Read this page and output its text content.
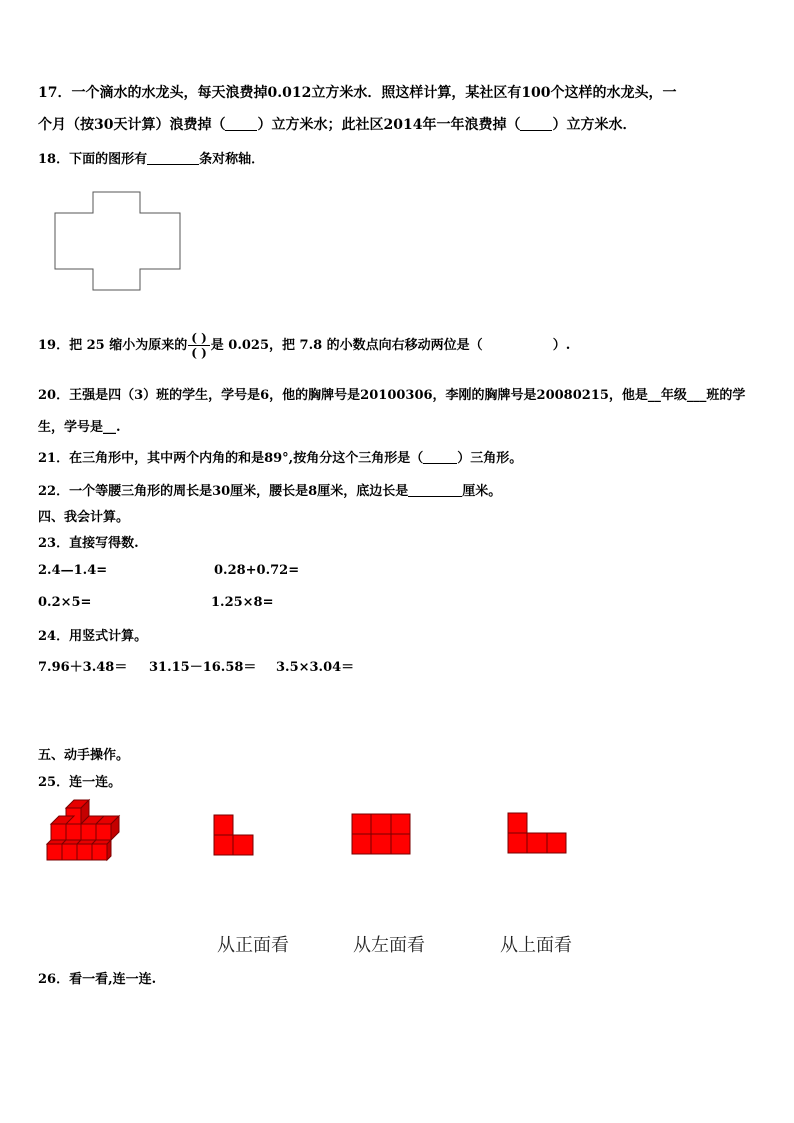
17．一个滴水的水龙头，每天浪费掉0.012立方米水．照这样计算，某社区有100个这样的水龙头，一
个月（按30天计算）浪费掉（ ）立方米水；此社区2014年一年浪费掉（ ）立方米水．
18．下面的图形有	条对称轴．
19．把 25 缩小为原来的 $\frac{( )}{( )}$ 是 0.025，把 7.8 的小数点向右移动两位是（	）.
20．王强是四（3）班的学生，学号是6，他的胸牌号是20100306，李刚的胸牌号是20080215，他是__年级___班的学
生，学号是__.
21．在三角形中，其中两个内角的和是89°,按角分这个三角形是（	）三角形。
22．一个等腰三角形的周长是30厘米，腰长是8厘米，底边长是	厘米。
四、我会计算。
23．直接写得数.
2.4—1.4=	0.28+0.72=
0.2×5=	1.25×8=
24．用竖式计算。
7.96＋3.48＝ 31.15－16.58＝ 3.5×3.04＝
五、动手操作。
25．连一连。
从正面看	从左面看	从上面看
26．看一看,连一连.
